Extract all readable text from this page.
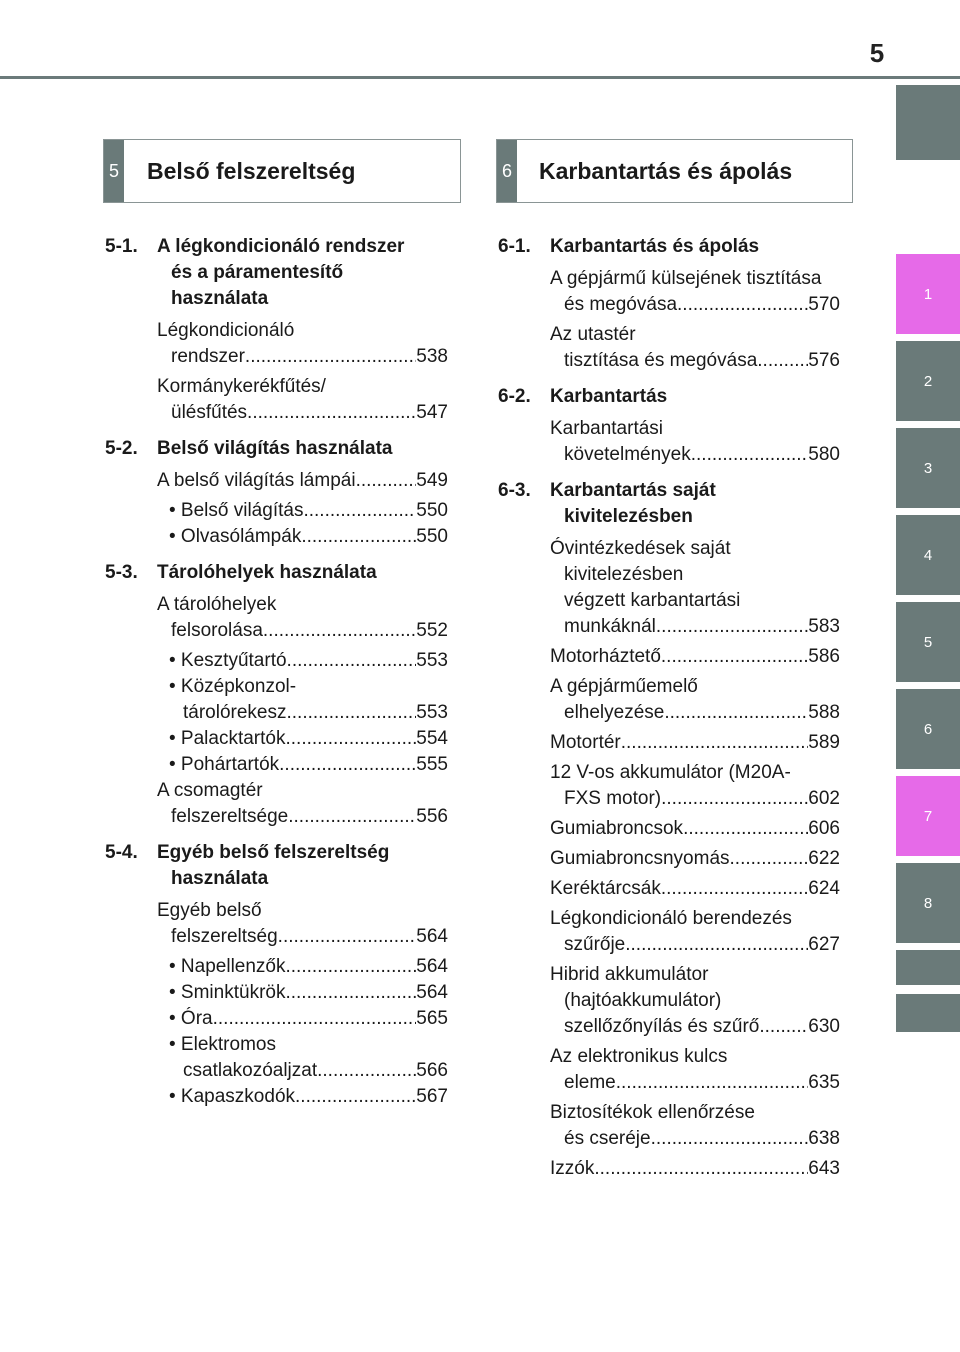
5
1
2
3
4
5
6
7
8
5 Belső felszereltség	6 Karbantartás és ápolás
5-1. A légkondicionáló rendszer
és a páramentesítő
használata
Légkondicionáló
rendszer .....	538
Kormánykerékfűtés/
ülésfűtés .....	547
5-2. Belső világítás használata
A belső világítás lámpái .....	549
• Belső világítás .....	550
• Olvasólámpák .....	550
5-3. Tárolóhelyek használata
A tárolóhelyek
felsorolása .....	552
• Kesztyűtartó .....	553
• Középkonzol-
tárolórekesz .....	553
• Palacktartók .....	554
• Pohártartók .....	555
A csomagtér
felszereltsége .....	556
5-4. Egyéb belső felszereltség
használata
Egyéb belső
felszereltség .....	564
• Napellenzők .....	564
• Sminktükrök .....	564
• Óra .....	565
• Elektromos
csatlakozóaljzat .....	566
• Kapaszkodók .....	567
6-1. Karbantartás és ápolás
A gépjármű külsejének tisztítása
és megóvása .....	570
Az utastér
tisztítása és megóvása .....	576
6-2. Karbantartás
Karbantartási
követelmények .....	580
6-3. Karbantartás saját
kivitelezésben
Óvintézkedések saját
kivitelezésben
végzett karbantartási
munkáknál .....	583
Motorháztető .....	586
A gépjárműemelő
elhelyezése .....	588
Motortér .....	589
12 V-os akkumulátor (M20A-
FXS motor) .....	602
Gumiabroncsok .....	606
Gumiabroncsnyomás .....	622
Keréktárcsák .....	624
Légkondicionáló berendezés
szűrője .....	627
Hibrid akkumulátor
(hajtóakkumulátor)
szellőzőnyílás és szűrő .....	630
Az elektronikus kulcs
eleme .....	635
Biztosítékok ellenőrzése
és cseréje .....	638
Izzók .....	643
